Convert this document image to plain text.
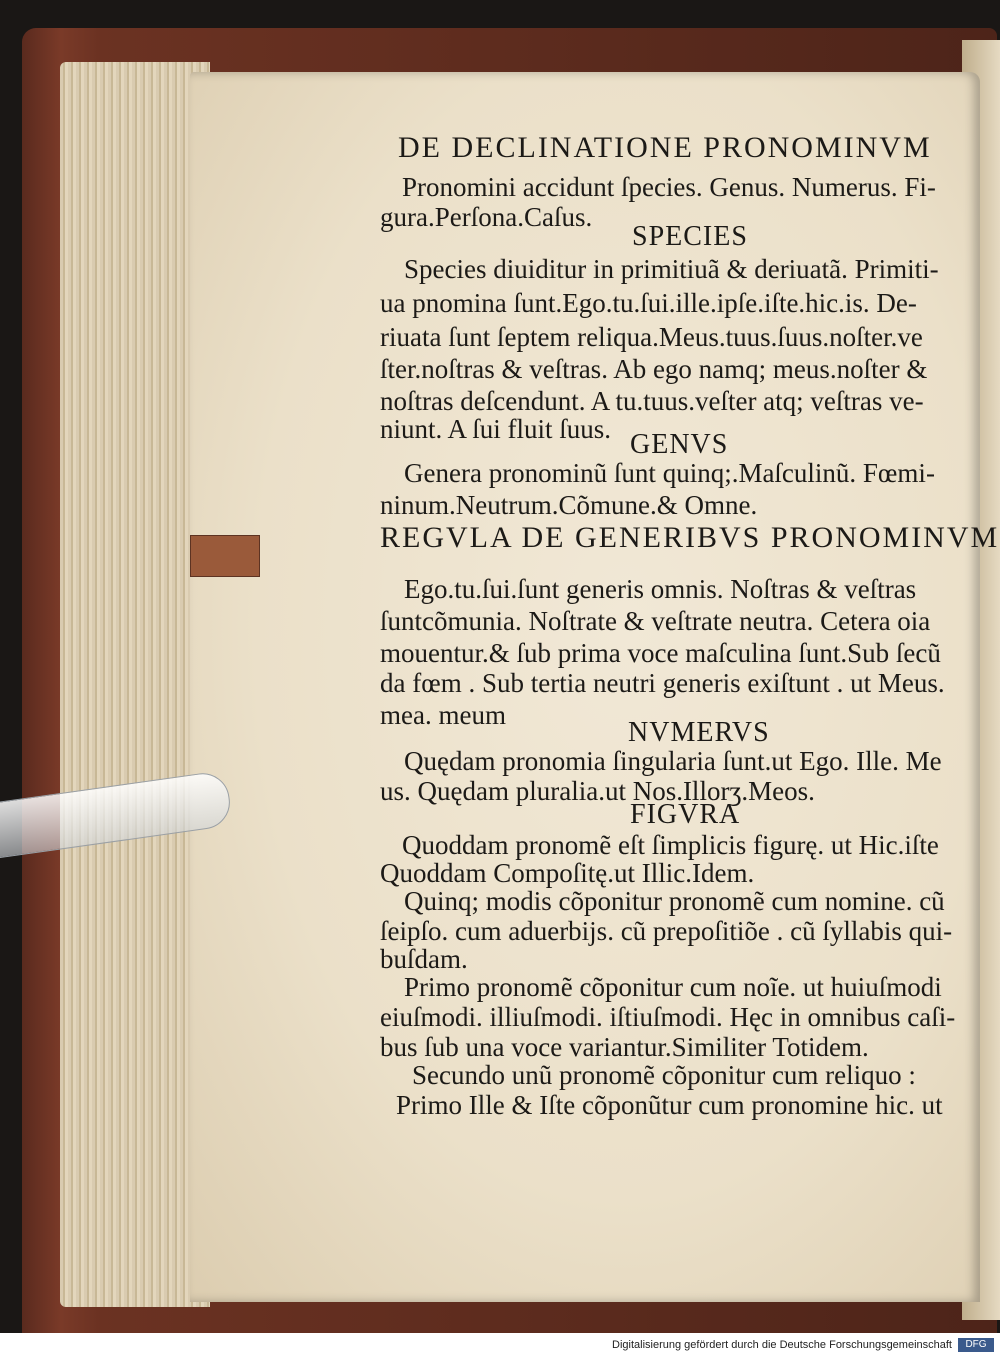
DE DECLINATIONE PRONOMINVM
Pronomini accidunt ſpecies. Genus. Numerus. Fi-
gura.Perſona.Caſus.
SPECIES
Species diuiditur in primitiuã & deriuatã. Primiti-
ua pnomina ſunt.Ego.tu.ſui.ille.ipſe.iſte.hic.is. De-
riuata ſunt ſeptem reliqua.Meus.tuus.ſuus.noſter.ve
ſter.noſtras & veſtras. Ab ego namq; meus.noſter &
noſtras deſcendunt. A tu.tuus.veſter atq; veſtras ve-
niunt. A ſui fluit ſuus. GENVS
Genera pronominũ ſunt quinq;.Maſculinũ. Fœmi-
ninum.Neutrum.Cõmune.& Omne.
REGVLA DE GENERIBVS PRONOMINVM
Ego.tu.ſui.ſunt generis omnis. Noſtras & veſtras
ſuntcõmunia. Noſtrate & veſtrate neutra. Cetera oia
mouentur.& ſub prima voce maſculina ſunt.Sub ſecũ
da fœm . Sub tertia neutri generis exiſtunt . ut Meus.
mea. meum
NVMERVS
Quędam pronomia ſingularia ſunt.ut Ego. Ille. Me
us. Quędam pluralia.ut Nos.Illorʒ.Meos.
FIGVRA
Quoddam pronomẽ eſt ſimplicis figurę. ut Hic.iſte
Quoddam Compoſitę.ut Illic.Idem.
Quinq; modis cõponitur pronomẽ cum nomine. cũ
ſeipſo. cum aduerbijs. cũ prepoſitiõe . cũ ſyllabis qui-
buſdam.
Primo pronomẽ cõponitur cum noĩe. ut huiuſmodi
eiuſmodi. illiuſmodi. iſtiuſmodi. Hęc in omnibus caſi-
bus ſub una voce variantur.Similiter Totidem.
Secundo unũ pronomẽ cõponitur cum reliquo :
Primo Ille & Iſte cõponũtur cum pronomine hic. ut
Digitalisierung gefördert durch die Deutsche Forschungsgemeinschaft	DFG
